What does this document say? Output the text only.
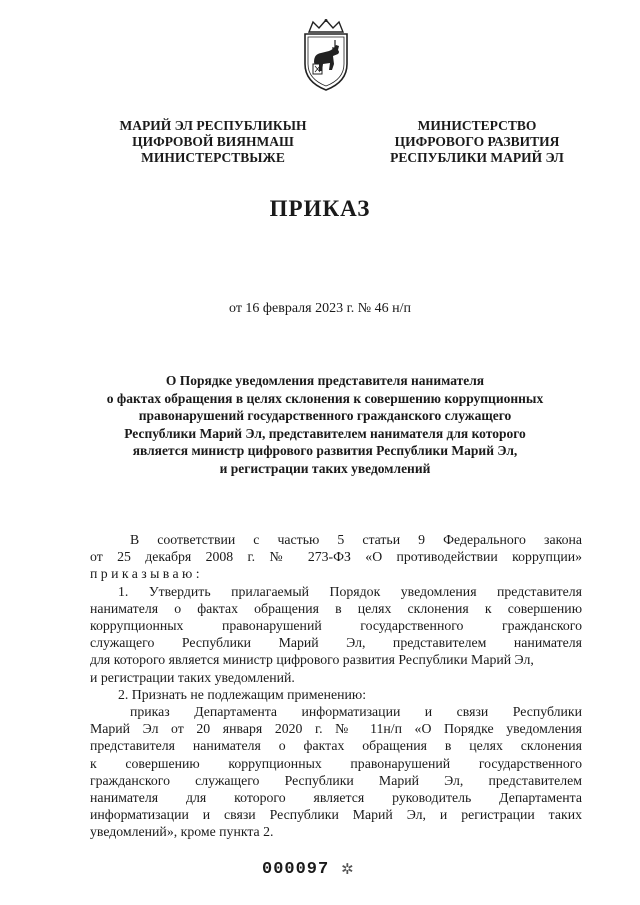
МАРИЙ ЭЛ РЕСПУБЛИКЫН
ЦИФРОВОЙ ВИЯНМАШ
МИНИСТЕРСТВЫЖЕ
МИНИСТЕРСТВО
ЦИФРОВОГО РАЗВИТИЯ
РЕСПУБЛИКИ МАРИЙ ЭЛ
ПРИКАЗ
от 16 февраля 2023 г. № 46 н/п
О Порядке уведомления представителя нанимателя
о фактах обращения в целях склонения к совершению коррупционных
правонарушений государственного гражданского служащего
Республики Марий Эл, представителем нанимателя для которого
является министр цифрового развития Республики Марий Эл,
и регистрации таких уведомлений
В соответствии с частью 5 статьи 9 Федерального закона
от 25 декабря 2008 г. № 273-ФЗ «О противодействии коррупции»
приказываю:
1. Утвердить прилагаемый Порядок уведомления представителя
нанимателя о фактах обращения в целях склонения к совершению
коррупционных правонарушений государственного гражданского
служащего Республики Марий Эл, представителем нанимателя
для которого является министр цифрового развития Республики Марий Эл,
и регистрации таких уведомлений.
2. Признать не подлежащим применению:
приказ Департамента информатизации и связи Республики
Марий Эл от 20 января 2020 г. № 11н/п «О Порядке уведомления
представителя нанимателя о фактах обращения в целях склонения
к совершению коррупционных правонарушений государственного
гражданского служащего Республики Марий Эл, представителем
нанимателя для которого является руководитель Департамента
информатизации и связи Республики Марий Эл, и регистрации таких
уведомлений», кроме пункта 2.
000097 ✲
